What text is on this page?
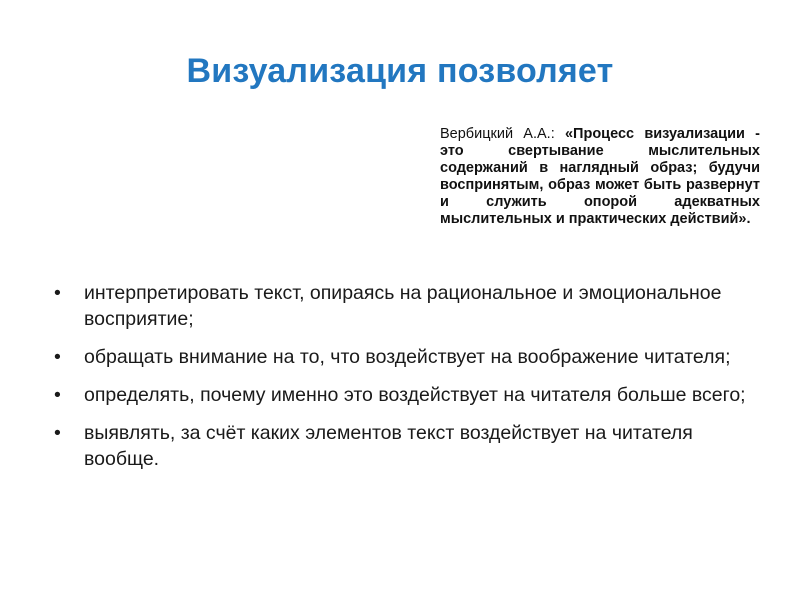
Визуализация позволяет
Вербицкий А.А.: «Процесс визуализации - это свертывание мыслительных содержаний в наглядный образ; будучи воспринятым, образ может быть развернут и служить опорой адекватных мыслительных и практических действий».
• интерпретировать текст, опираясь на рациональное и эмоциональное восприятие;
• обращать внимание на то, что воздействует на воображение читателя;
• определять, почему именно это воздействует на читателя больше всего;
• выявлять, за счёт каких элементов текст воздействует на читателя вообще.
